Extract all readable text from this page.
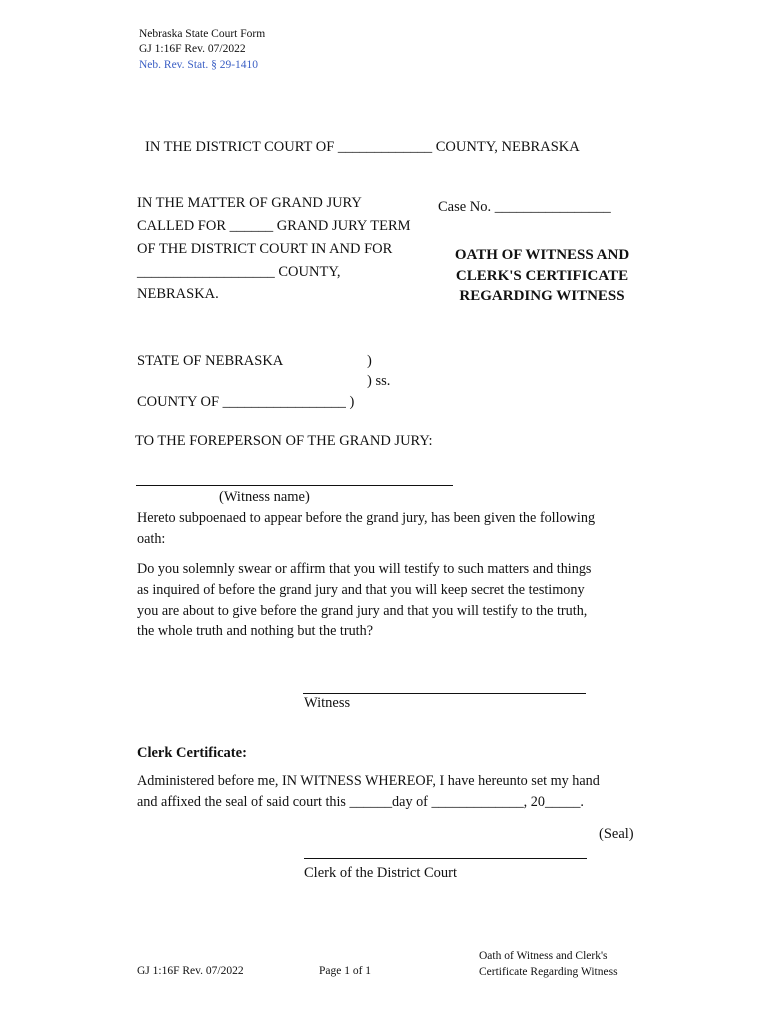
Nebraska State Court Form
GJ 1:16F Rev. 07/2022
Neb. Rev. Stat. § 29-1410
IN THE DISTRICT COURT OF _____________ COUNTY, NEBRASKA
IN THE MATTER OF GRAND JURY
CALLED FOR ______ GRAND JURY TERM
OF THE DISTRICT COURT IN AND FOR
___________________ COUNTY,
NEBRASKA.
Case No. ________________
OATH OF WITNESS AND
CLERK'S CERTIFICATE
REGARDING WITNESS
STATE OF NEBRASKA	)
) ss.
COUNTY OF _________________ )
TO THE FOREPERSON OF THE GRAND JURY:
(Witness name)
Hereto subpoenaed to appear before the grand jury, has been given the following
oath:
Do you solemnly swear or affirm that you will testify to such matters and things
as inquired of before the grand jury and that you will keep secret the testimony
you are about to give before the grand jury and that you will testify to the truth,
the whole truth and nothing but the truth?
Witness
Clerk Certificate:
Administered before me, IN WITNESS WHEREOF, I have hereunto set my hand
and affixed the seal of said court this ______day of _____________, 20_____.
(Seal)
Clerk of the District Court
GJ 1:16F Rev. 07/2022	Page 1 of 1
Oath of Witness and Clerk's
Certificate Regarding Witness
